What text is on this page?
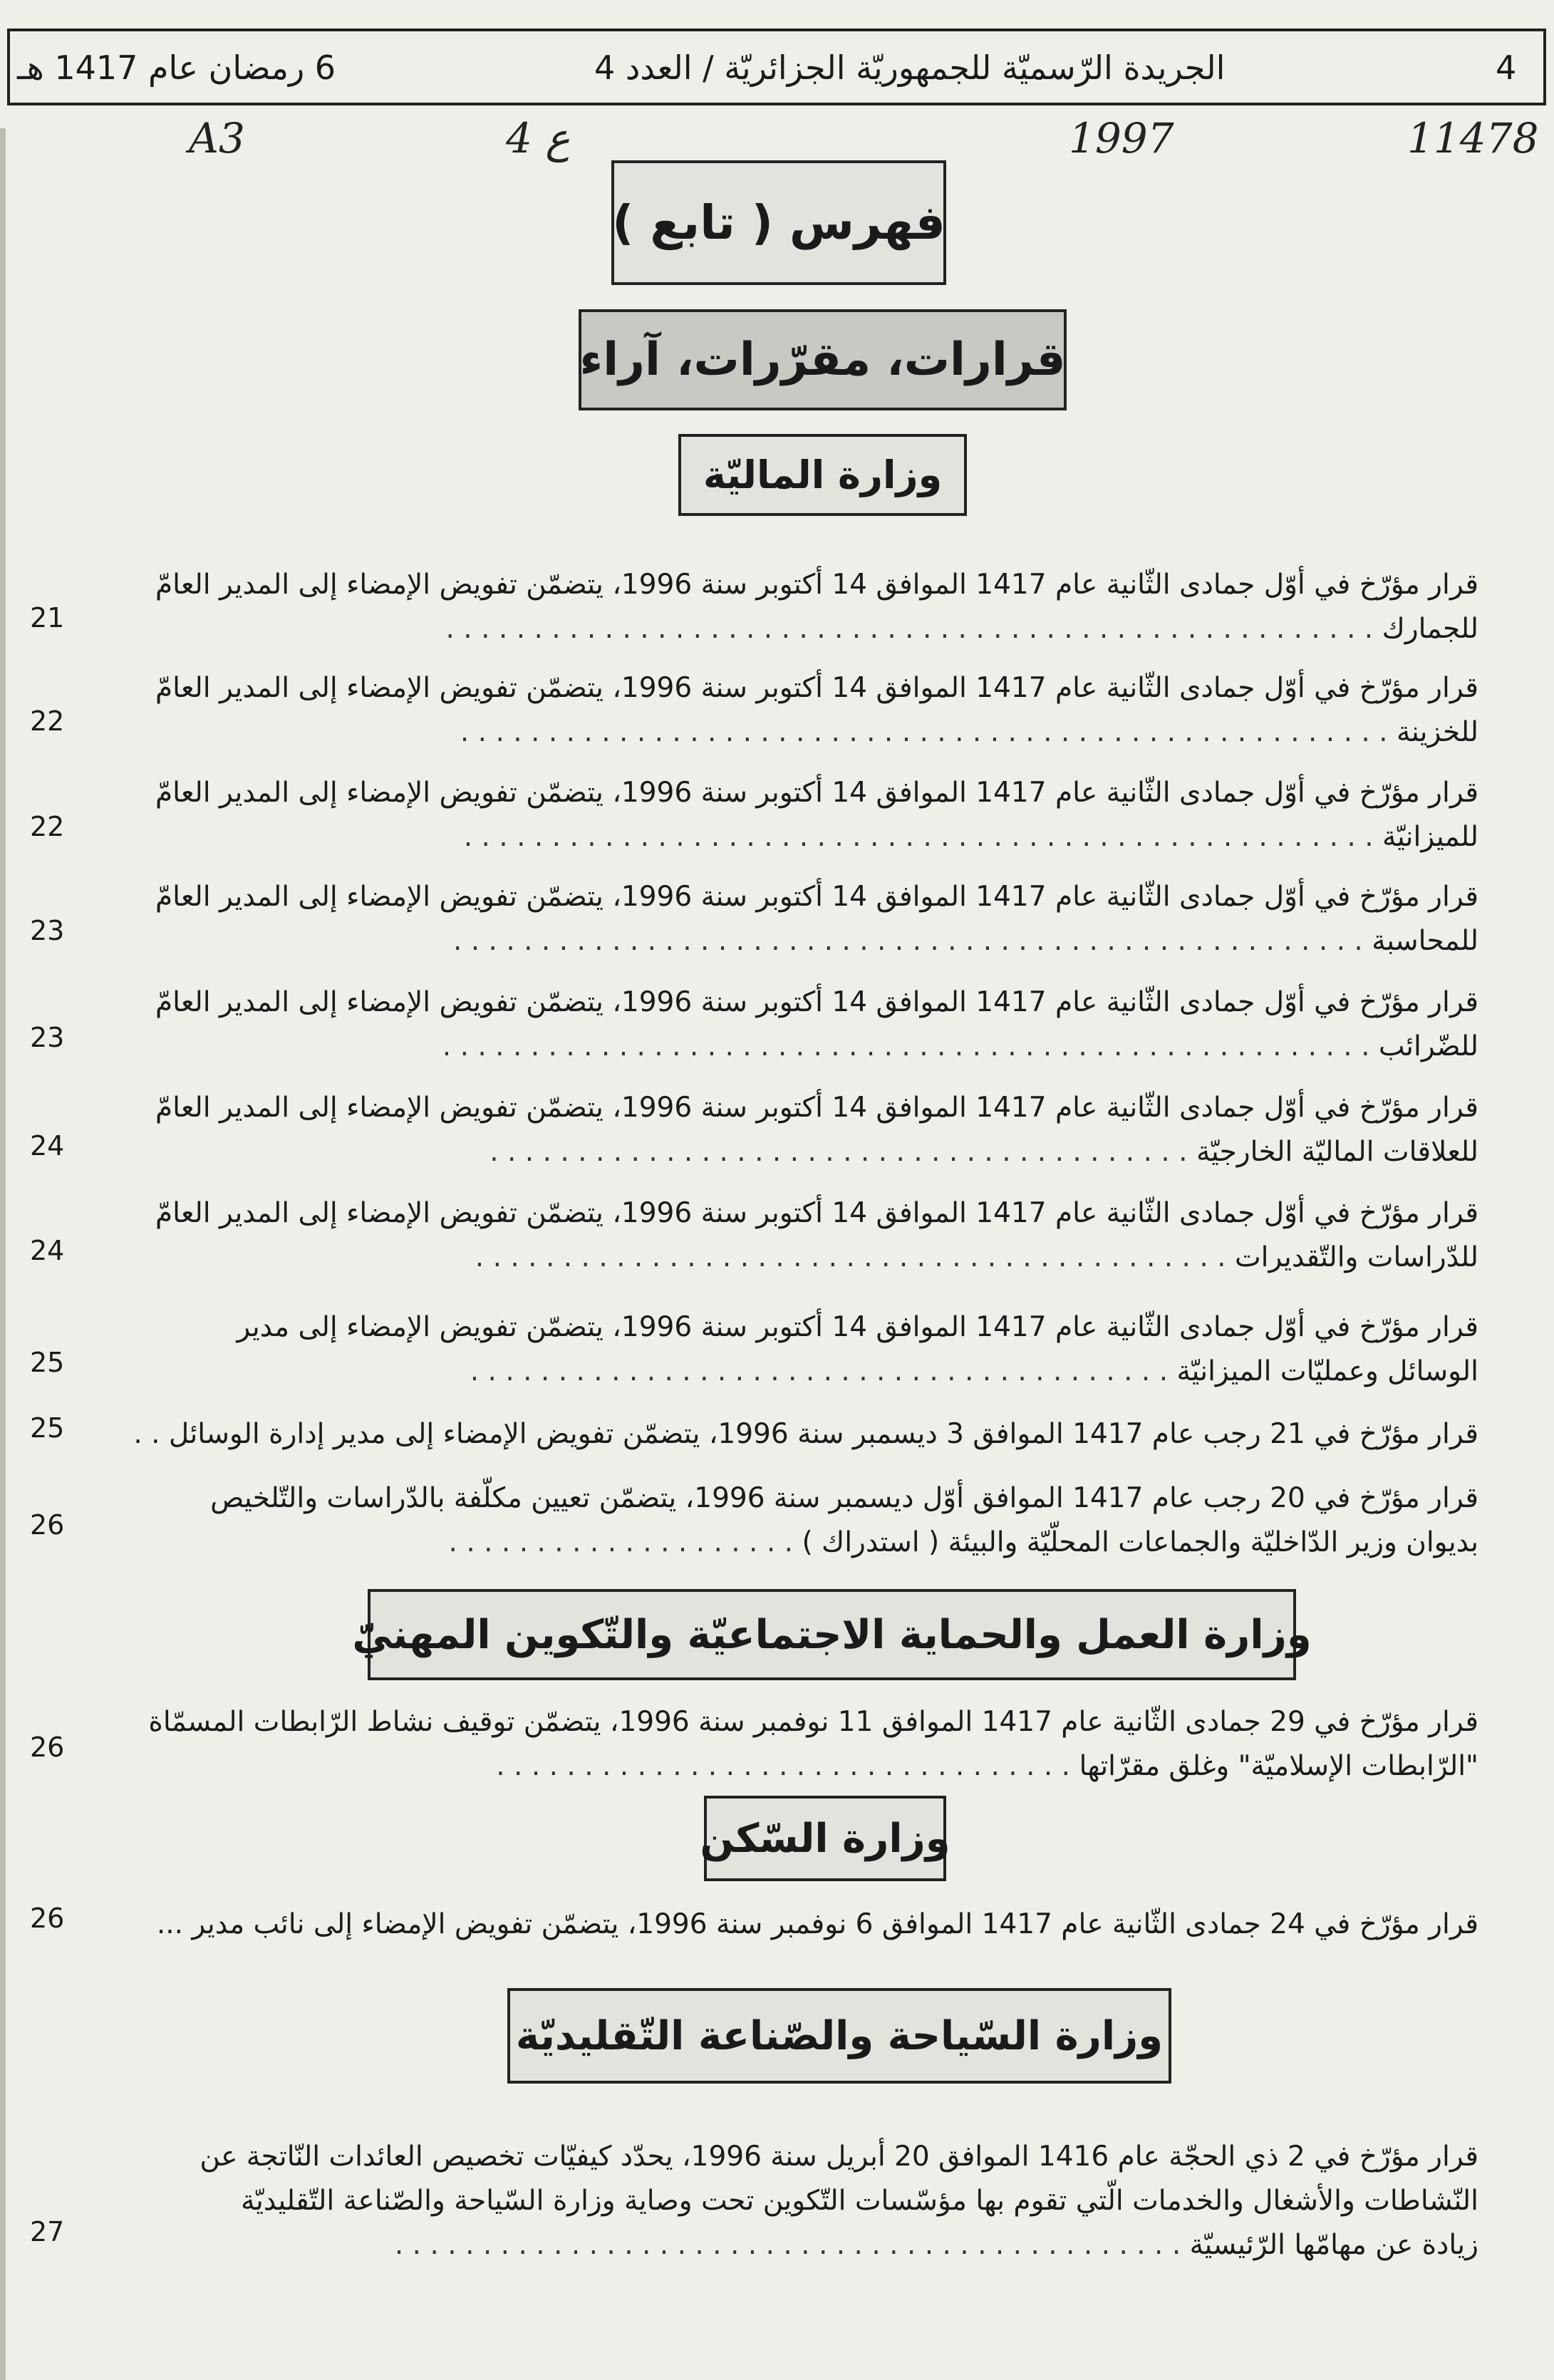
4
الجريدة الرّسميّة للجمهوريّة الجزائريّة / العدد 4
6 رمضان عام 1417 هـ
A3	ع 4	1997	11478
فهرس ( تابع )
قرارات، مقرّرات، آراء
وزارة الماليّة
قرار مؤرّخ في أوّل جمادى الثّانية عام 1417 الموافق 14 أكتوبر سنة 1996، يتضمّن تفويض الإمضاء إلى المدير العامّ
للجمارك . . . . . . . . . . . . . . . . . . . . . . . . . . . . . . . . . . . . . . . . . . . . . . . . . . . . .
21
قرار مؤرّخ في أوّل جمادى الثّانية عام 1417 الموافق 14 أكتوبر سنة 1996، يتضمّن تفويض الإمضاء إلى المدير العامّ
للخزينة . . . . . . . . . . . . . . . . . . . . . . . . . . . . . . . . . . . . . . . . . . . . . . . . . . . . .
22
قرار مؤرّخ في أوّل جمادى الثّانية عام 1417 الموافق 14 أكتوبر سنة 1996، يتضمّن تفويض الإمضاء إلى المدير العامّ
للميزانيّة . . . . . . . . . . . . . . . . . . . . . . . . . . . . . . . . . . . . . . . . . . . . . . . . . . . .
22
قرار مؤرّخ في أوّل جمادى الثّانية عام 1417 الموافق 14 أكتوبر سنة 1996، يتضمّن تفويض الإمضاء إلى المدير العامّ
للمحاسبة . . . . . . . . . . . . . . . . . . . . . . . . . . . . . . . . . . . . . . . . . . . . . . . . . . . .
23
قرار مؤرّخ في أوّل جمادى الثّانية عام 1417 الموافق 14 أكتوبر سنة 1996، يتضمّن تفويض الإمضاء إلى المدير العامّ
للضّرائب . . . . . . . . . . . . . . . . . . . . . . . . . . . . . . . . . . . . . . . . . . . . . . . . . . . . .
23
قرار مؤرّخ في أوّل جمادى الثّانية عام 1417 الموافق 14 أكتوبر سنة 1996، يتضمّن تفويض الإمضاء إلى المدير العامّ
للعلاقات الماليّة الخارجيّة . . . . . . . . . . . . . . . . . . . . . . . . . . . . . . . . . . . . . . . .
24
قرار مؤرّخ في أوّل جمادى الثّانية عام 1417 الموافق 14 أكتوبر سنة 1996، يتضمّن تفويض الإمضاء إلى المدير العامّ
للدّراسات والتّقديرات . . . . . . . . . . . . . . . . . . . . . . . . . . . . . . . . . . . . . . . . . . .
24
قرار مؤرّخ في أوّل جمادى الثّانية عام 1417 الموافق 14 أكتوبر سنة 1996، يتضمّن تفويض الإمضاء إلى مدير
الوسائل وعمليّات الميزانيّة . . . . . . . . . . . . . . . . . . . . . . . . . . . . . . . . . . . . . . . .
25
قرار مؤرّخ في 21 رجب عام 1417 الموافق 3 ديسمبر سنة 1996، يتضمّن تفويض الإمضاء إلى مدير إدارة الوسائل . .
25
قرار مؤرّخ في 20 رجب عام 1417 الموافق أوّل ديسمبر سنة 1996، يتضمّن تعيين مكلّفة بالدّراسات والتّلخيص
بديوان وزير الدّاخليّة والجماعات المحلّيّة والبيئة ( استدراك ) . . . . . . . . . . . . . . . . . . . .
26
وزارة العمل والحماية الاجتماعيّة والتّكوين المهنيّ
قرار مؤرّخ في 29 جمادى الثّانية عام 1417 الموافق 11 نوفمبر سنة 1996، يتضمّن توقيف نشاط الرّابطات المسمّاة
"الرّابطات الإسلاميّة" وغلق مقرّاتها . . . . . . . . . . . . . . . . . . . . . . . . . . . . . . . . .
26
وزارة السّكن
قرار مؤرّخ في 24 جمادى الثّانية عام 1417 الموافق 6 نوفمبر سنة 1996، يتضمّن تفويض الإمضاء إلى نائب مدير ...
26
وزارة السّياحة والصّناعة التّقليديّة
قرار مؤرّخ في 2 ذي الحجّة عام 1416 الموافق 20 أبريل سنة 1996، يحدّد كيفيّات تخصيص العائدات النّاتجة عن
النّشاطات والأشغال والخدمات الّتي تقوم بها مؤسّسات التّكوين تحت وصاية وزارة السّياحة والصّناعة التّقليديّة
زيادة عن مهامّها الرّئيسيّة . . . . . . . . . . . . . . . . . . . . . . . . . . . . . . . . . . . . . . . . . . . . .
27
